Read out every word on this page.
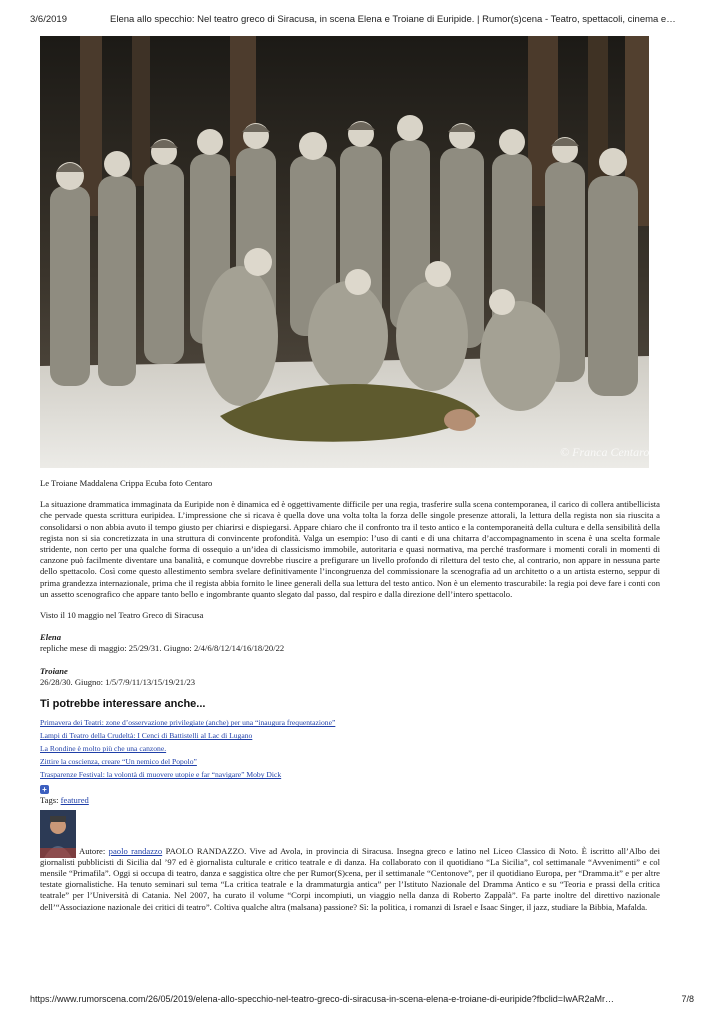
3/6/2019	Elena allo specchio: Nel teatro greco di Siracusa, in scena Elena e Troiane di Euripide. | Rumor(s)cena - Teatro, spettacoli, cinema e…
© Franca Centaro

Le Troiane Maddalena Crippa Ecuba foto Centaro

La situazione drammatica immaginata da Euripide non è dinamica ed è oggettivamente difficile per una regia, trasferire sulla scena contemporanea, il carico di collera antibellicista che pervade questa scrittura euripidea. L’impressione che si ricava è quella dove una volta tolta la forza delle singole presenze attorali, la lettura della regista non sia riuscita a consolidarsi o non abbia avuto il tempo giusto per chiarirsi e dispiegarsi. Appare chiaro che il confronto tra il testo antico e la contemporaneità della cultura e della sensibilità della regista non si sia concretizzata in una struttura di convincente profondità. Valga un esempio: l’uso di canti e di una chitarra d’accompagnamento in scena è una scelta formale stridente, non certo per una qualche forma di ossequio a un’idea di classicismo immobile, autoritaria e quasi normativa, ma perché trasformare i momenti corali in momenti di canzone può facilmente diventare una banalità, e comunque dovrebbe riuscire a prefigurare un livello profondo di rilettura del testo che, al contrario, non appare in nessuna parte dello spettacolo. Così come questo allestimento sembra svelare definitivamente l’incongruenza del commissionare la scenografia ad un architetto o a un artista esterno, seppur di prima grandezza internazionale, prima che il regista abbia fornito le linee generali della sua lettura del testo antico. Non è un elemento trascurabile: la regia poi deve fare i conti con un assetto scenografico che appare tanto bello e ingombrante quanto slegato dal passo, dal respiro e dalla direzione dell’intero spettacolo.

Visto il 10 maggio nel Teatro Greco di Siracusa

Elena

repliche mese di maggio: 25/29/31. Giugno: 2/4/6/8/12/14/16/18/20/22

Troiane

26/28/30. Giugno: 1/5/7/9/11/13/15/19/21/23

Ti potrebbe interessare anche...
Primavera dei Teatri: zone d’osservazione privilegiate (anche) per una “inaugura frequentazione”
Lampi di Teatro della Crudeltà: I Cenci di Battistelli al Lac di Lugano
La Rondine è molto più che una canzone.
Zittire la coscienza, creare “Un nemico del Popolo”
Trasparenze Festival: la volontà di muovere utopie e far “navigare” Moby Dick
+
Tags: featured
Autore: paolo randazzo PAOLO RANDAZZO. Vive ad Avola, in provincia di Siracusa. Insegna greco e latino nel Liceo Classico di Noto. È iscritto all’Albo dei giornalisti pubblicisti di Sicilia dal ’97 ed è giornalista culturale e critico teatrale e di danza. Ha collaborato con il quotidiano “La Sicilia”, col settimanale “Avvenimenti” e col mensile “Primafila”. Oggi si occupa di teatro, danza e saggistica oltre che per Rumor(S)cena, per il settimanale “Centonove”, per il quotidiano Europa, per “Dramma.it” e per altre testate giornalistiche. Ha tenuto seminari sul tema “La critica teatrale e la drammaturgia antica” per l’Istituto Nazionale del Dramma Antico e su “Teoria e prassi della critica teatrale” per l’Università di Catania. Nel 2007, ha curato il volume “Corpi incompiuti, un viaggio nella danza di Roberto Zappalà”. Fa parte inoltre del direttivo nazionale dell’“Associazione nazionale dei critici di teatro”. Coltiva qualche altra (malsana) passione? Sì: la politica, i romanzi di Israel e Isaac Singer, il jazz, studiare la Bibbia, Mafalda.
https://www.rumorscena.com/26/05/2019/elena-allo-specchio-nel-teatro-greco-di-siracusa-in-scena-elena-e-troiane-di-euripide?fbclid=IwAR2aMr…	7/8
